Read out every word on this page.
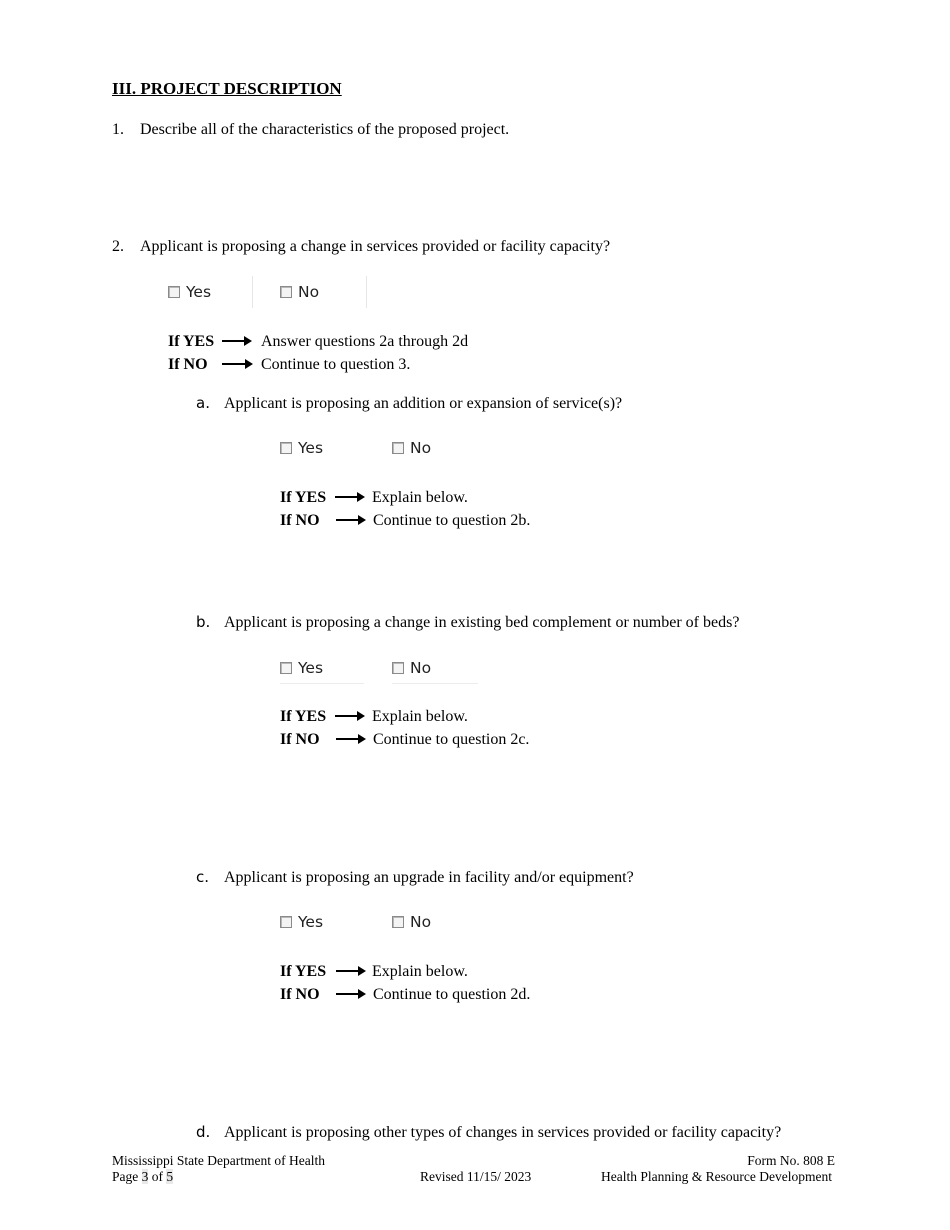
III. PROJECT DESCRIPTION
1. Describe all of the characteristics of the proposed project.
2. Applicant is proposing a change in services provided or facility capacity?
Yes	No
If YES	Answer questions 2a through 2d
If NO	Continue to question 3.
a. Applicant is proposing an addition or expansion of service(s)?
Yes	No
If YES	Explain below.
If NO	Continue to question 2b.
b. Applicant is proposing a change in existing bed complement or number of beds?
Yes	No
If YES	Explain below.
If NO	Continue to question 2c.
c. Applicant is proposing an upgrade in facility and/or equipment?
Yes	No
If YES	Explain below.
If NO	Continue to question 2d.
d. Applicant is proposing other types of changes in services provided or facility capacity?
Mississippi State Department of Health
Page 3 of 5	Revised 11/15/ 2023
Form No. 808 E
Health Planning & Resource Development
